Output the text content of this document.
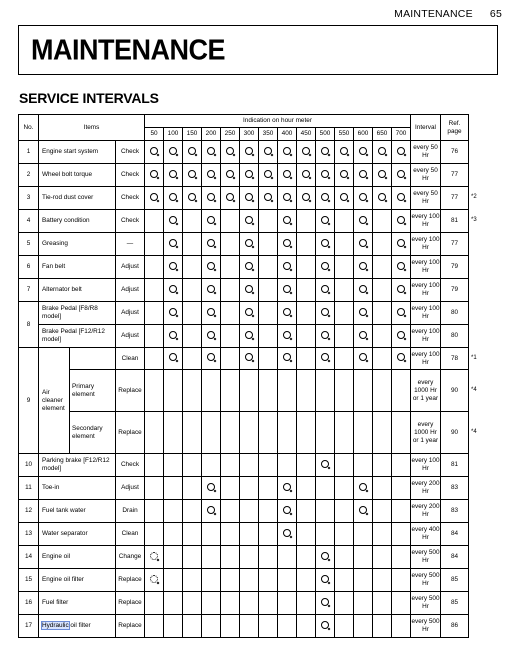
MAINTENANCE 65
MAINTENANCE
SERVICE INTERVALS
No.	Items			Indication on hour meter														Interval	Ref. page	
				50	100	150	200	250	300	350	400	450	500	550	600	650	700			
1	Engine start system		Check															every 50 Hr	76	
2	Wheel bolt torque		Check															every 50 Hr	77	
3	Tie-rod dust cover		Check															every 50 Hr	77	*2
4	Battery condition		Check															every 100 Hr	81	*3
5	Greasing		—															every 100 Hr	77	
6	Fan belt		Adjust															every 100 Hr	79	
7	Alternator belt		Adjust															every 100 Hr	79	
8	Brake Pedal [F8/R8 model]		Adjust															every 100 Hr	80	
	Brake Pedal [F12/R12 model]		Adjust															every 100 Hr	80	
9	Air cleaner element		Clean															every 100 Hr	78	*1
		Primary element	Replace															every 1000 Hr or 1 year	90	*4
		Secondary element	Replace															every 1000 Hr or 1 year	90	*4
10	Parking brake [F12/R12 model]		Check															every 100 Hr	81	
11	Toe-in		Adjust															every 200 Hr	83	
12	Fuel tank water		Drain															every 200 Hr	83	
13	Water separator		Clean															every 400 Hr	84	
14	Engine oil		Change															every 500 Hr	84	
15	Engine oil filter		Replace															every 500 Hr	85	
16	Fuel filter		Replace															every 500 Hr	85	
17	Hydraulic oil filter		Replace															every 500 Hr	86	
